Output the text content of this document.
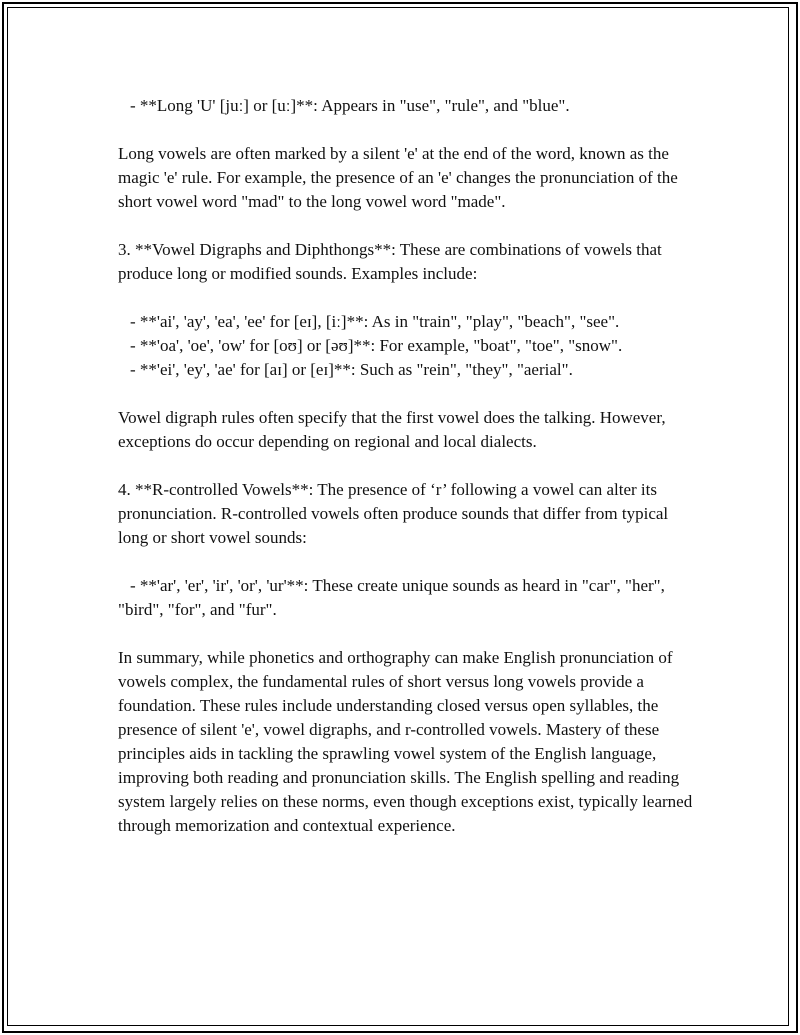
- **Long 'U' [juː] or [uː]**: Appears in "use", "rule", and "blue".

Long vowels are often marked by a silent 'e' at the end of the word, known as the magic 'e' rule. For example, the presence of an 'e' changes the pronunciation of the short vowel word "mad" to the long vowel word "made".

3. **Vowel Digraphs and Diphthongs**: These are combinations of vowels that produce long or modified sounds. Examples include:

- **'ai', 'ay', 'ea', 'ee' for [eɪ], [iː]**: As in "train", "play", "beach", "see".

- **'oa', 'oe', 'ow' for [oʊ] or [əʊ]**: For example, "boat", "toe", "snow".

- **'ei', 'ey', 'ae' for [aɪ] or [eɪ]**: Such as "rein", "they", "aerial".

Vowel digraph rules often specify that the first vowel does the talking. However, exceptions do occur depending on regional and local dialects.

4. **R-controlled Vowels**: The presence of ‘r’ following a vowel can alter its pronunciation. R-controlled vowels often produce sounds that differ from typical long or short vowel sounds:

- **'ar', 'er', 'ir', 'or', 'ur'**: These create unique sounds as heard in "car", "her", "bird", "for", and "fur".

In summary, while phonetics and orthography can make English pronunciation of vowels complex, the fundamental rules of short versus long vowels provide a foundation. These rules include understanding closed versus open syllables, the presence of silent 'e', vowel digraphs, and r-controlled vowels. Mastery of these principles aids in tackling the sprawling vowel system of the English language, improving both reading and pronunciation skills. The English spelling and reading system largely relies on these norms, even though exceptions exist, typically learned through memorization and contextual experience.
